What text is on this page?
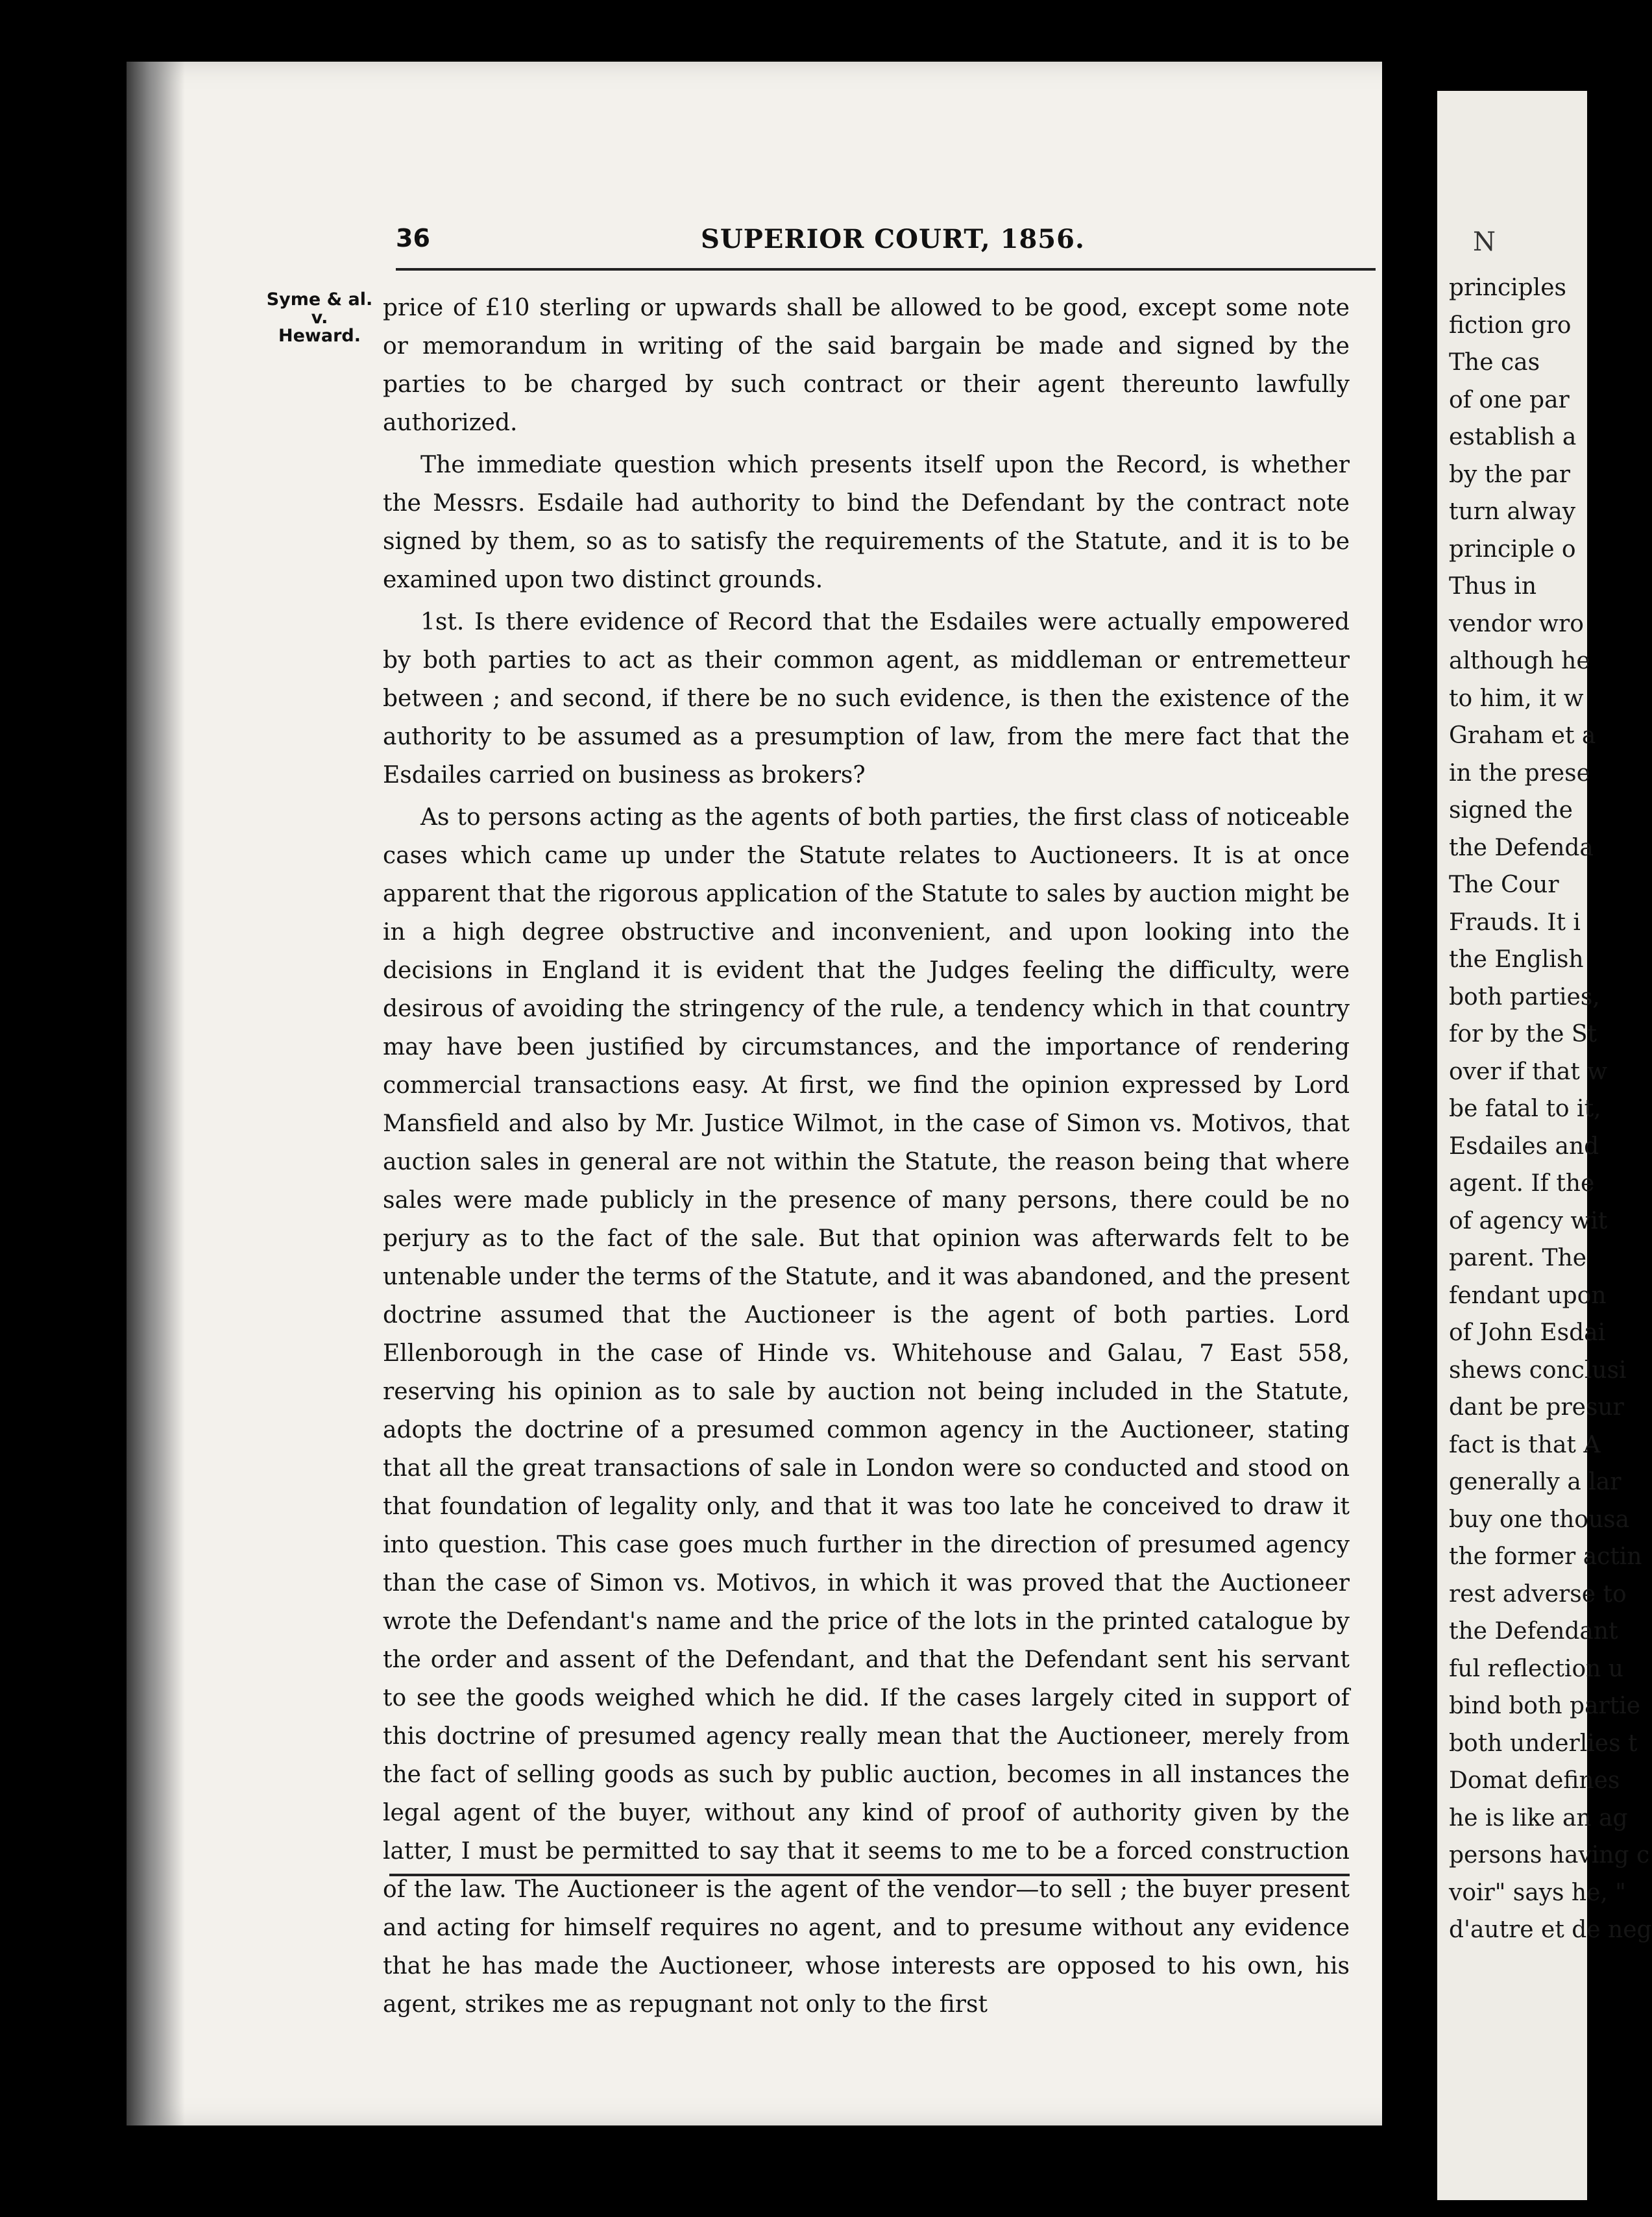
36	SUPERIOR COURT, 1856.
Syme & al.
v.
Heward.

price of £10 sterling or upwards shall be allowed to be good, except some note or memorandum in writing of the said bargain be made and signed by the parties to be charged by such contract or their agent thereunto lawfully authorized.

The immediate question which presents itself upon the Record, is whether the Messrs. Esdaile had authority to bind the Defendant by the contract note signed by them, so as to satisfy the requirements of the Statute, and it is to be examined upon two distinct grounds.

1st. Is there evidence of Record that the Esdailes were actually empowered by both parties to act as their common agent, as middleman or entremetteur between ; and second, if there be no such evidence, is then the existence of the authority to be assumed as a presumption of law, from the mere fact that the Esdailes carried on business as brokers?

As to persons acting as the agents of both parties, the first class of noticeable cases which came up under the Statute relates to Auctioneers. It is at once apparent that the rigorous application of the Statute to sales by auction might be in a high degree obstructive and inconvenient, and upon looking into the decisions in England it is evident that the Judges feeling the difficulty, were desirous of avoiding the stringency of the rule, a tendency which in that country may have been justified by circumstances, and the importance of rendering commercial transactions easy. At first, we find the opinion expressed by Lord Mansfield and also by Mr. Justice Wilmot, in the case of Simon vs. Motivos, that auction sales in general are not within the Statute, the reason being that where sales were made publicly in the presence of many persons, there could be no perjury as to the fact of the sale. But that opinion was afterwards felt to be untenable under the terms of the Statute, and it was abandoned, and the present doctrine assumed that the Auctioneer is the agent of both parties. Lord Ellenborough in the case of Hinde vs. Whitehouse and Galau, 7 East 558, reserving his opinion as to sale by auction not being included in the Statute, adopts the doctrine of a presumed common agency in the Auctioneer, stating that all the great transactions of sale in London were so conducted and stood on that foundation of legality only, and that it was too late he conceived to draw it into question. This case goes much further in the direction of presumed agency than the case of Simon vs. Motivos, in which it was proved that the Auctioneer wrote the Defendant's name and the price of the lots in the printed catalogue by the order and assent of the Defendant, and that the Defendant sent his servant to see the goods weighed which he did. If the cases largely cited in support of this doctrine of presumed agency really mean that the Auctioneer, merely from the fact of selling goods as such by public auction, becomes in all instances the legal agent of the buyer, without any kind of proof of authority given by the latter, I must be permitted to say that it seems to me to be a forced construction of the law. The Auctioneer is the agent of the vendor—to sell ; the buyer present and acting for himself requires no agent, and to presume without any evidence that he has made the Auctioneer, whose interests are opposed to his own, his agent, strikes me as repugnant not only to the first

N
principles
fiction gro
The cas
of one par
establish a
by the par
turn alway
principle o
Thus in
vendor wro
although he
to him, it w
Graham et a
in the prese
signed the
the Defenda
The Cour
Frauds. It i
the English
both parties,
for by the St
over if that w
be fatal to it,
Esdailes and
agent. If the
of agency wit
parent. The
fendant upon
of John Esdai
shews conclusi
dant be presur
fact is that A
generally a lar
buy one thousa
the former actin
rest adverse to
the Defendant
ful reflection u
bind both partie
both underlies t
Domat defines
he is like an ag
persons having c
voir" says he, "
d'autre et de neg
